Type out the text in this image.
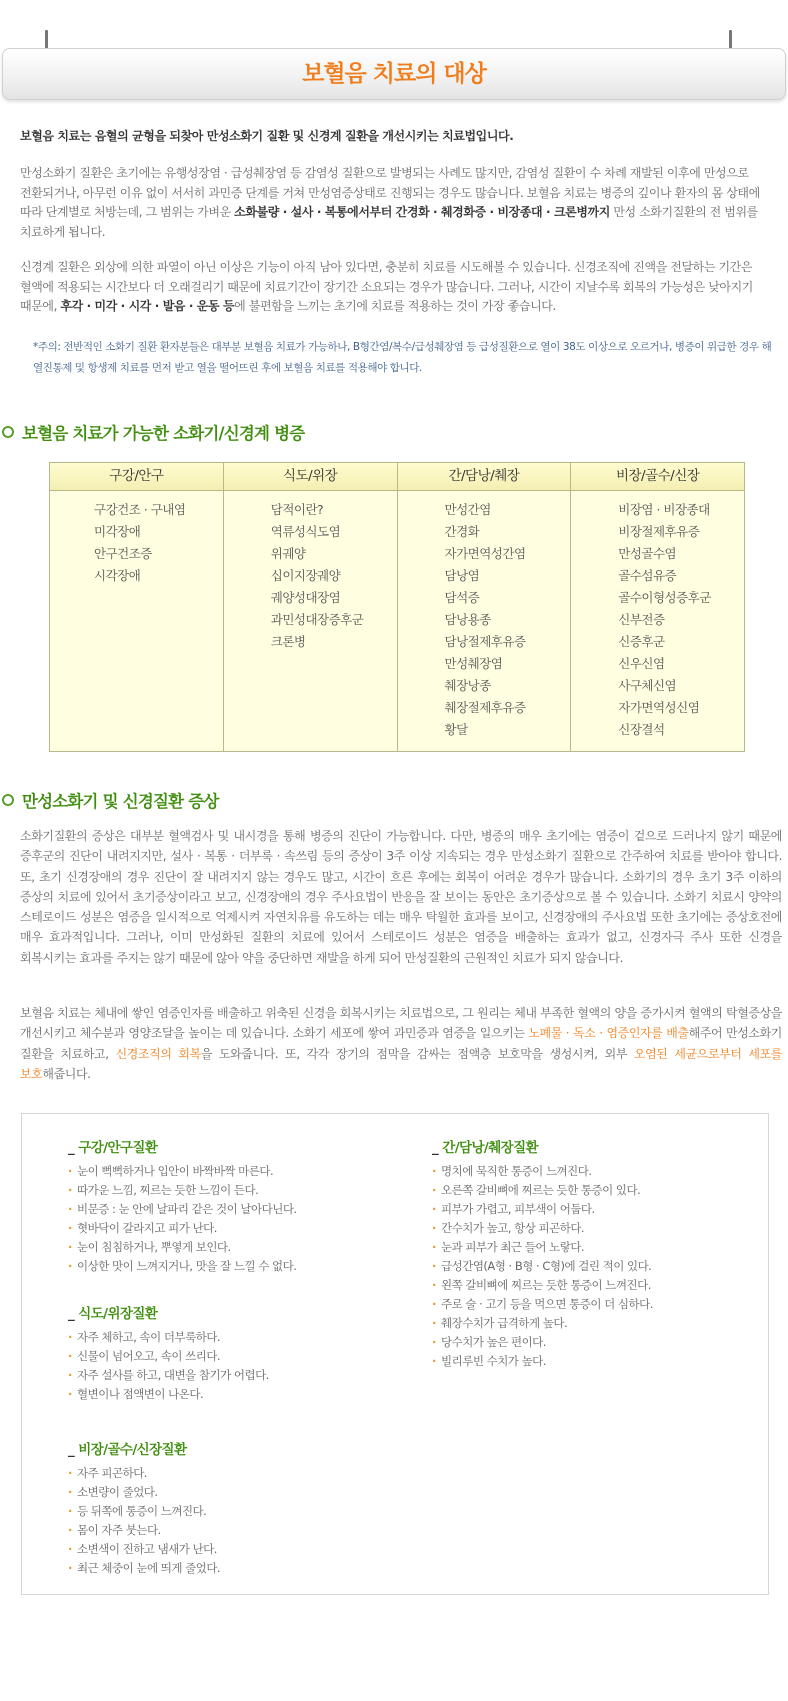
보혈음 치료의 대상

보혈음 치료는 음혈의 균형을 되찾아 만성소화기 질환 및 신경계 질환을 개선시키는 치료법입니다.

만성소화기 질환은 초기에는 유행성장염 · 급성췌장염 등 감염성 질환으로 발병되는 사례도 많지만, 감염성 질환이 수 차례 재발된 이후에 만성으로 전환되거나, 아무런 이유 없이 서서히 과민증 단계를 거쳐 만성염증상태로 진행되는 경우도 많습니다. 보혈음 치료는 병증의 깊이나 환자의 몸 상태에 따라 단계별로 처방는데, 그 범위는 가벼운 소화불량 · 설사 · 복통에서부터 간경화 · 췌경화증 · 비장종대 · 크론병까지 만성 소화기질환의 전 범위를 치료하게 됩니다.

신경계 질환은 외상에 의한 파열이 아닌 이상은 기능이 아직 남아 있다면, 충분히 치료를 시도해볼 수 있습니다. 신경조직에 진액을 전달하는 기간은 혈액에 적용되는 시간보다 더 오래걸리기 때문에 치료기간이 장기간 소요되는 경우가 많습니다. 그러나, 시간이 지날수록 회복의 가능성은 낮아지기 때문에, 후각 · 미각 · 시각 · 발음 · 운동 등에 불편함을 느끼는 초기에 치료를 적용하는 것이 가장 좋습니다.

*주의: 전반적인 소화기 질환 환자분들은 대부분 보혈음 치료가 가능하나, B형간염/복수/급성췌장염 등 급성질환으로 열이 38도 이상으로 오르거나, 병증이 위급한 경우 해열진통제 및 항생제 치료를 먼저 받고 열을 떨어뜨린 후에 보혈음 치료를 적용해야 합니다.

보혈음 치료가 가능한 소화기/신경계 병증
구강/안구
구강건조 · 구내염
미각장애
안구건조증
시각장애
식도/위장
담적이란?
역류성식도염
위궤양
십이지장궤양
궤양성대장염
과민성대장증후군
크론병
간/담낭/췌장
만성간염
간경화
자가면역성간염
담낭염
담석증
담낭용종
담낭절제후유증
만성췌장염
췌장낭종
췌장절제후유증
황달
비장/골수/신장
비장염 · 비장종대
비장절제후유증
만성골수염
골수섬유증
골수이형성증후군
신부전증
신증후군
신우신염
사구체신염
자가면역성신염
신장결석
만성소화기 및 신경질환 증상

소화기질환의 증상은 대부분 혈액검사 및 내시경을 통해 병증의 진단이 가능합니다. 다만, 병증의 매우 초기에는 염증이 겉으로 드러나지 않기 때문에 증후군의 진단이 내려지지만, 설사 · 복통 · 더부룩 · 속쓰림 등의 증상이 3주 이상 지속되는 경우 만성소화기 질환으로 간주하여 치료를 받아야 합니다. 또, 초기 신경장애의 경우 진단이 잘 내려지지 않는 경우도 많고, 시간이 흐른 후에는 회복이 어려운 경우가 많습니다. 소화기의 경우 초기 3주 이하의 증상의 치료에 있어서 초기증상이라고 보고, 신경장애의 경우 주사요법이 반응을 잘 보이는 동안은 초기증상으로 볼 수 있습니다. 소화기 치료시 양약의 스테로이드 성분은 염증을 일시적으로 억제시켜 자연치유를 유도하는 데는 매우 탁월한 효과를 보이고, 신경장애의 주사요법 또한 초기에는 증상호전에 매우 효과적입니다. 그러나, 이미 만성화된 질환의 치료에 있어서 스테로이드 성분은 염증을 배출하는 효과가 없고, 신경자극 주사 또한 신경을 회복시키는 효과를 주지는 않기 때문에 않아 약을 중단하면 재발을 하게 되어 만성질환의 근원적인 치료가 되지 않습니다.

보혈음 치료는 체내에 쌓인 염증인자를 배출하고 위축된 신경을 회복시키는 치료법으로, 그 원리는 체내 부족한 혈액의 양을 증가시켜 혈액의 탁혈증상을 개선시키고 체수분과 영양조달을 높이는 데 있습니다. 소화기 세포에 쌓여 과민증과 염증을 일으키는 노폐물 · 독소 · 염증인자를 배출해주어 만성소화기 질환을 치료하고, 신경조직의 회복을 도와줍니다. 또, 각각 장기의 점막을 감싸는 점액층 보호막을 생성시켜, 외부 오염된 세균으로부터 세포를 보호해줍니다.

_ 구강/안구질환
· 눈이 뻑뻑하거나 입안이 바짝바짝 마른다.
· 따가운 느낌, 찌르는 듯한 느낌이 든다.
· 비문증 : 눈 안에 날파리 같은 것이 날아다닌다.
· 혓바닥이 갈라지고 피가 난다.
· 눈이 침침하거나, 뿌옇게 보인다.
· 이상한 맛이 느껴지거나, 맛을 잘 느낄 수 없다.
_ 식도/위장질환
· 자주 체하고, 속이 더부룩하다.
· 신물이 넘어오고, 속이 쓰리다.
· 자주 설사를 하고, 대변을 참기가 어렵다.
· 혈변이나 점액변이 나온다.
_ 비장/골수/신장질환
· 자주 피곤하다.
· 소변량이 줄었다.
· 등 뒤쪽에 통증이 느껴진다.
· 몸이 자주 붓는다.
· 소변색이 진하고 냄새가 난다.
· 최근 체중이 눈에 띄게 줄었다.
_ 간/담낭/췌장질환
· 명치에 묵직한 통증이 느껴진다.
· 오른쪽 갈비뼈에 찌르는 듯한 통증이 있다.
· 피부가 가렵고, 피부색이 어둡다.
· 간수치가 높고, 항상 피곤하다.
· 눈과 피부가 최근 들어 노랗다.
· 급성간염(A형 · B형 · C형)에 걸린 적이 있다.
· 왼쪽 갈비뼈에 찌르는 듯한 통증이 느껴진다.
· 주로 술 · 고기 등을 먹으면 통증이 더 심하다.
· 췌장수치가 급격하게 높다.
· 당수치가 높은 편이다.
· 빌리루빈 수치가 높다.
